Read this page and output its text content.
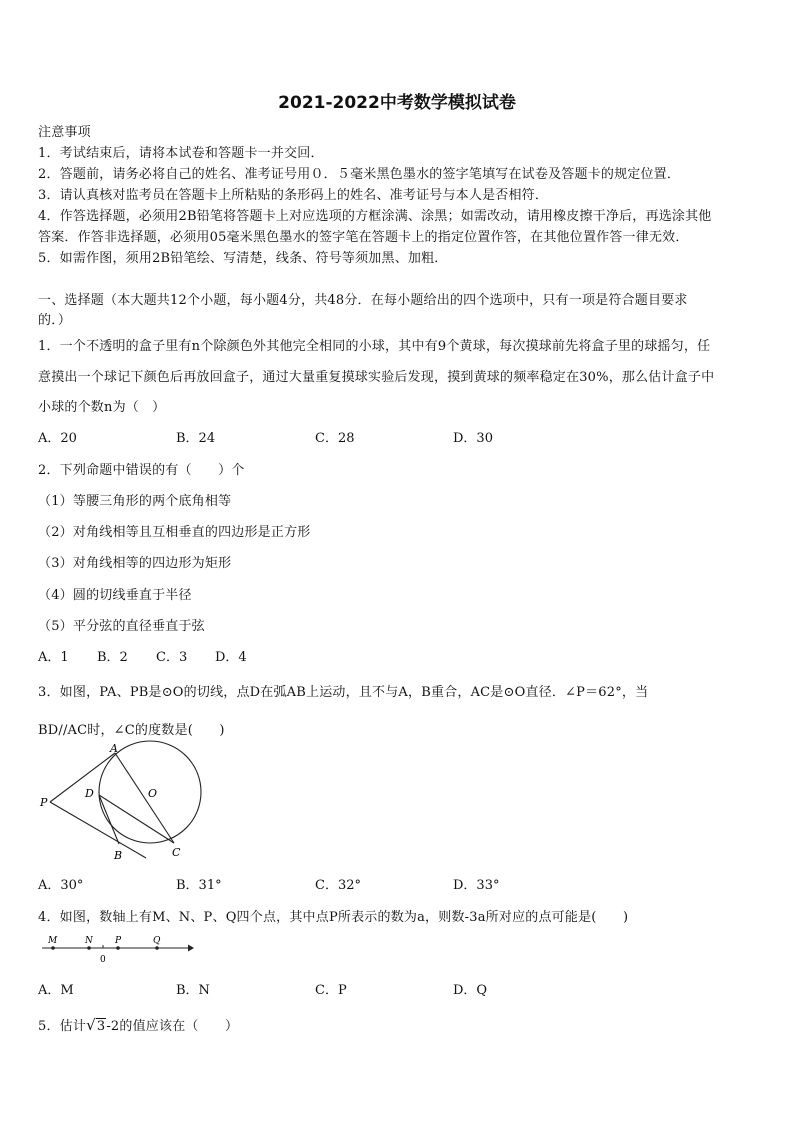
2021-2022中考数学模拟试卷
注意事项
1．考试结束后，请将本试卷和答题卡一并交回．
2．答题前，请务必将自己的姓名、准考证号用０．５毫米黑色墨水的签字笔填写在试卷及答题卡的规定位置．
3．请认真核对监考员在答题卡上所粘贴的条形码上的姓名、准考证号与本人是否相符．
4．作答选择题，必须用2B铅笔将答题卡上对应选项的方框涂满、涂黑；如需改动，请用橡皮擦干净后，再选涂其他
答案．作答非选择题，必须用05毫米黑色墨水的签字笔在答题卡上的指定位置作答，在其他位置作答一律无效．
5．如需作图，须用2B铅笔绘、写清楚，线条、符号等须加黑、加粗．
一、选择题（本大题共12个小题，每小题4分，共48分．在每小题给出的四个选项中，只有一项是符合题目要求
的．）
1．一个不透明的盒子里有n个除颜色外其他完全相同的小球，其中有9个黄球，每次摸球前先将盒子里的球摇匀，任
意摸出一个球记下颜色后再放回盒子，通过大量重复摸球实验后发现，摸到黄球的频率稳定在30%，那么估计盒子中
小球的个数n为（　）
A．20	B．24	C．28	D．30
2．下列命题中错误的有（　　）个
（1）等腰三角形的两个底角相等
（2）对角线相等且互相垂直的四边形是正方形
（3）对角线相等的四边形为矩形
（4）圆的切线垂直于半径
（5）平分弦的直径垂直于弦
A．1 B．2 C．3 D．4
3．如图，PA、PB是⊙O的切线，点D在弧AB上运动，且不与A，B重合，AC是⊙O直径．∠P＝62°，当
BD//AC时，∠C的度数是(　　)
A
O
P
D
B	C
A．30°	B．31°	C．32°	D．33°
4．如图，数轴上有M、N、P、Q四个点，其中点P所表示的数为a，则数-3a所对应的点可能是(　　)
M	N P	Q
0
A．M	B．N	C．P	D．Q
5．估计√3-2的值应该在（　　）
